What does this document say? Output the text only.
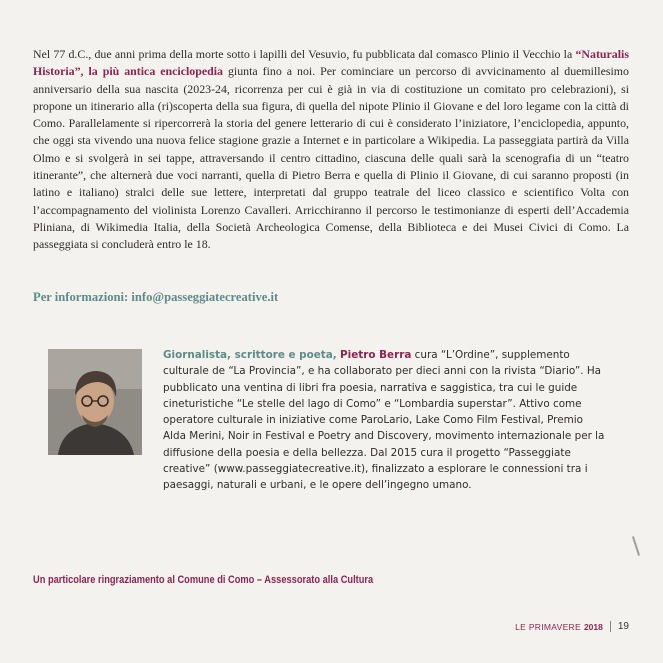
Nel 77 d.C., due anni prima della morte sotto i lapilli del Vesuvio, fu pubblicata dal comasco Plinio il Vecchio la “Naturalis Historia”, la più antica enciclopedia giunta fino a noi. Per cominciare un percorso di avvicinamento al duemillesimo anniversario della sua nascita (2023-24, ricorrenza per cui è già in via di costituzione un comitato pro celebrazioni), si propone un itinerario alla (ri)scoperta della sua figura, di quella del nipote Plinio il Giovane e del loro legame con la città di Como. Parallelamente si ripercorrerà la storia del genere letterario di cui è considerato l’iniziatore, l’enciclopedia, appunto, che oggi sta vivendo una nuova felice stagione grazie a Internet e in particolare a Wikipedia. La passeggiata partirà da Villa Olmo e si svolgerà in sei tappe, attraversando il centro cittadino, ciascuna delle quali sarà la scenografia di un “teatro itinerante”, che alternerà due voci narranti, quella di Pietro Berra e quella di Plinio il Giovane, di cui saranno proposti (in latino e italiano) stralci delle sue lettere, interpretati dal gruppo teatrale del liceo classico e scientifico Volta con l’accompagnamento del violinista Lorenzo Cavalleri. Arricchiranno il percorso le testimonianze di esperti dell’Accademia Pliniana, di Wikimedia Italia, della Società Archeologica Comense, della Biblioteca e dei Musei Civici di Como. La passeggiata si concluderà entro le 18.

Per informazioni: info@passeggiatecreative.it

Giornalista, scrittore e poeta, Pietro Berra cura “L’Ordine”, supplemento culturale de “La Provincia”, e ha collaborato per dieci anni con la rivista “Diario”. Ha pubblicato una ventina di libri fra poesia, narrativa e saggistica, tra cui le guide cineturistiche “Le stelle del lago di Como” e “Lombardia superstar”. Attivo come operatore culturale in iniziative come ParoLario, Lake Como Film Festival, Premio Alda Merini, Noir in Festival e Poetry and Discovery, movimento internazionale per la diffusione della poesia e della bellezza. Dal 2015 cura il progetto “Passeggiate creative” (www.passeggiatecreative.it), finalizzato a esplorare le connessioni tra i paesaggi, naturali e urbani, e le opere dell’ingegno umano.

Un particolare ringraziamento al Comune di Como – Assessorato alla Cultura

LE PRIMAVERE 2018 19
